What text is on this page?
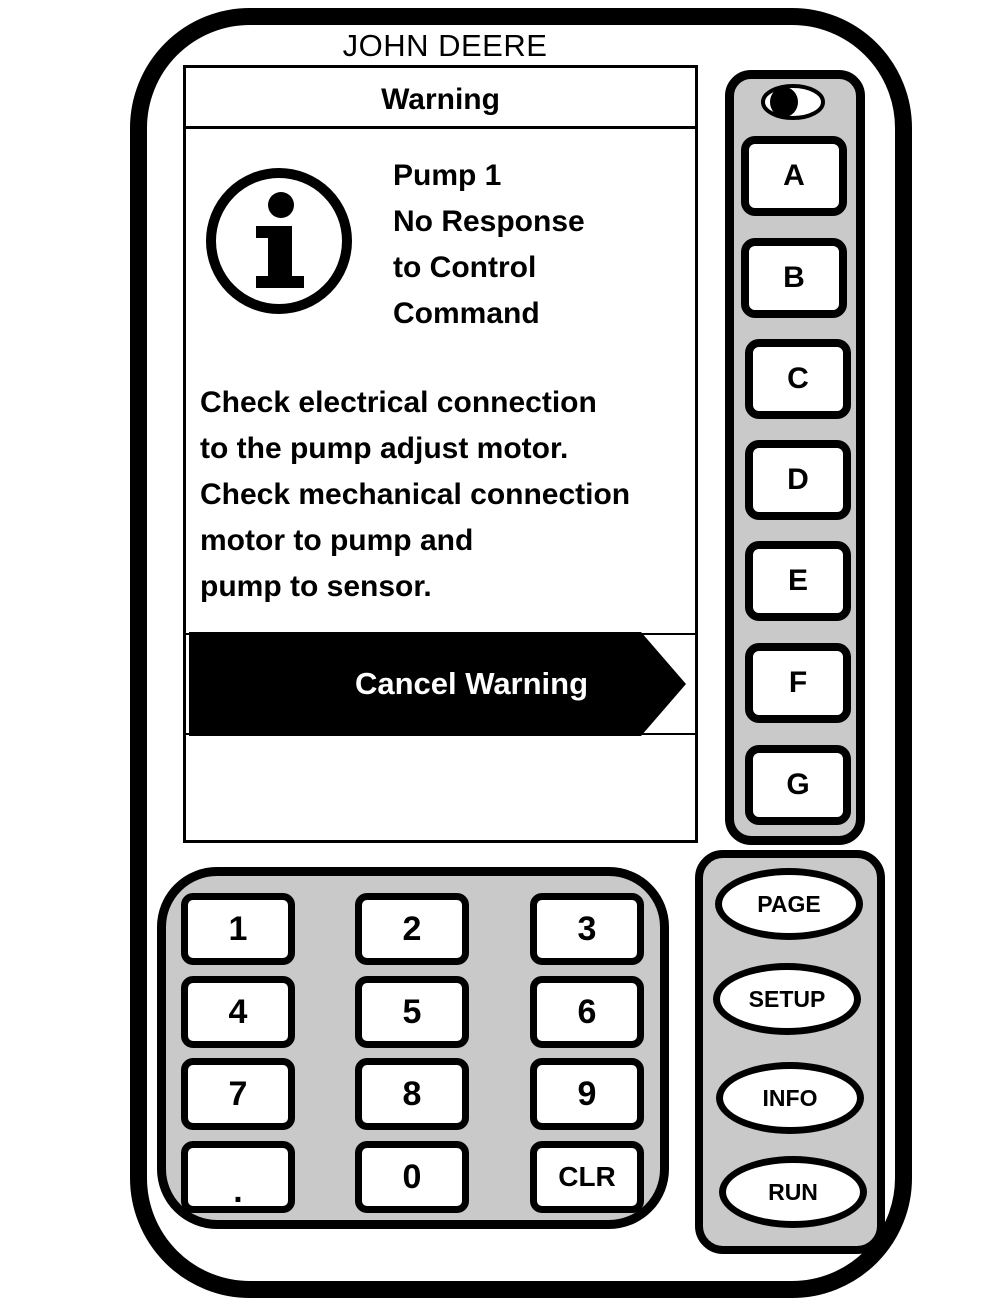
JOHN DEERE
Warning
Pump 1
No Response
to Control
Command
Check electrical connection
to the pump adjust motor.
Check mechanical connection
motor to pump and
pump to sensor.
Cancel Warning
A
B
C
D
E
F
G
1	2	3
4	5	6
7	8	9
.	0	CLR
PAGE
SETUP
INFO
RUN
